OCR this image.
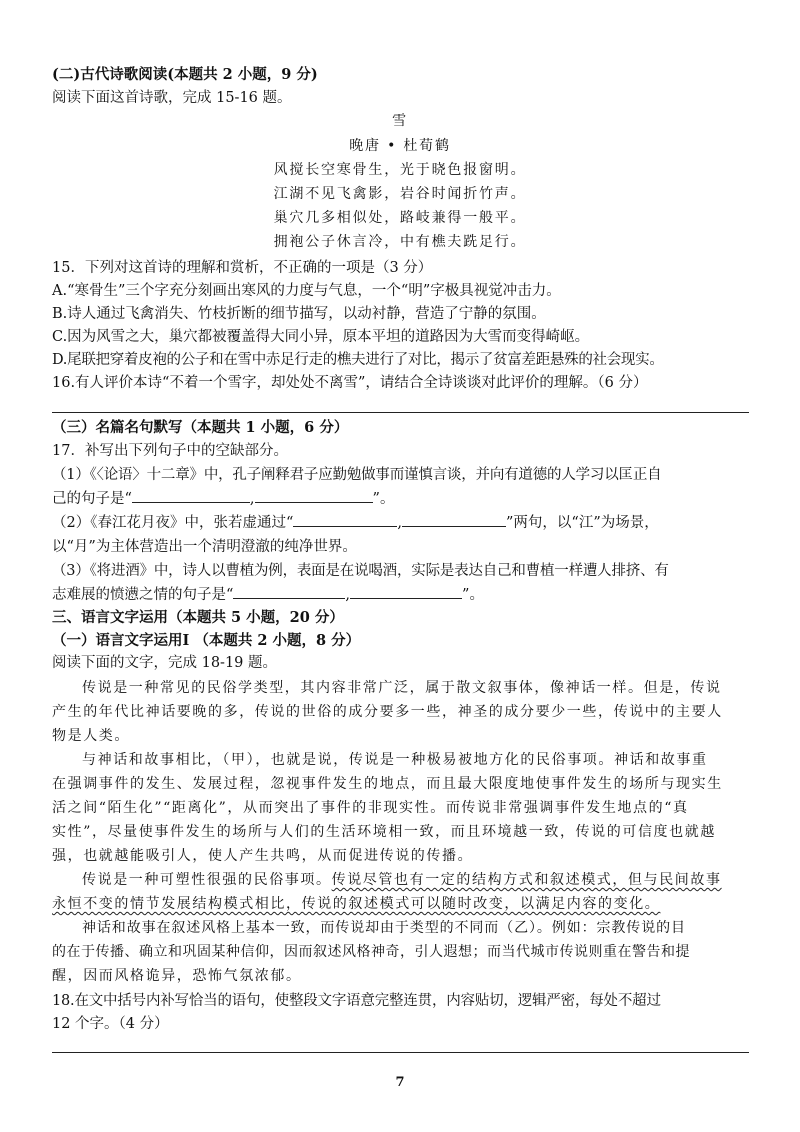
(二)古代诗歌阅读(本题共 2 小题，9 分)
阅读下面这首诗歌，完成 15-16 题。
雪
晚唐 • 杜荀鹤
风搅长空寒骨生，光于晓色报窗明。
江湖不见飞禽影，岩谷时闻折竹声。
巢穴几多相似处，路岐兼得一般平。
拥袍公子休言冷，中有樵夫跣足行。
15．下列对这首诗的理解和赏析，不正确的一项是（3 分）
A.“寒骨生”三个字充分刻画出寒风的力度与气息，一个“明”字极具视觉冲击力。
B.诗人通过飞禽消失、竹枝折断的细节描写，以动衬静，营造了宁静的氛围。
C.因为风雪之大，巢穴都被覆盖得大同小异，原本平坦的道路因为大雪而变得崎岖。
D.尾联把穿着皮袍的公子和在雪中赤足行走的樵夫进行了对比，揭示了贫富差距悬殊的社会现实。
16.有人评价本诗“不着一个雪字，却处处不离雪”，请结合全诗谈谈对此评价的理解。（6 分）
（三）名篇名句默写（本题共 1 小题，6 分）
17．补写出下列句子中的空缺部分。
（1）《〈论语〉十二章》中，孔子阐释君子应勤勉做事而谨慎言谈，并向有道德的人学习以匡正自
己的句子是“	,	”。
（2）《春江花月夜》中，张若虚通过“	,	”两句，以“江”为场景，
以“月”为主体营造出一个清明澄澈的纯净世界。
（3）《将进酒》中，诗人以曹植为例，表面是在说喝酒，实际是表达自己和曹植一样遭人排挤、有
志难展的愤懑之情的句子是“	,	”。
三、语言文字运用（本题共 5 小题，20 分）
（一）语言文字运用Ⅰ （本题共 2 小题，8 分）
阅读下面的文字，完成 18-19 题。
传说是一种常见的民俗学类型，其内容非常广泛，属于散文叙事体，像神话一样。但是，传说
产生的年代比神话要晚的多，传说的世俗的成分要多一些，神圣的成分要少一些，传说中的主要人
物是人类。
与神话和故事相比，（甲），也就是说，传说是一种极易被地方化的民俗事项。神话和故事重
在强调事件的发生、发展过程，忽视事件发生的地点，而且最大限度地使事件发生的场所与现实生
活之间“陌生化”“距离化”，从而突出了事件的非现实性。而传说非常强调事件发生地点的“真
实性”，尽量使事件发生的场所与人们的生活环境相一致，而且环境越一致，传说的可信度也就越
强，也就越能吸引人，使人产生共鸣，从而促进传说的传播。
传说是一种可塑性很强的民俗事项。传说尽管也有一定的结构方式和叙述模式，但与民间故事
永恒不变的情节发展结构模式相比，传说的叙述模式可以随时改变，以满足内容的变化。
神话和故事在叙述风格上基本一致，而传说却由于类型的不同而（乙）。例如：宗教传说的目
的在于传播、确立和巩固某种信仰，因而叙述风格神奇，引人遐想；而当代城市传说则重在警告和提
醒，因而风格诡异，恐怖气氛浓郁。
18.在文中括号内补写恰当的语句，使整段文字语意完整连贯，内容贴切，逻辑严密，每处不超过
12 个字。（4 分）
7
